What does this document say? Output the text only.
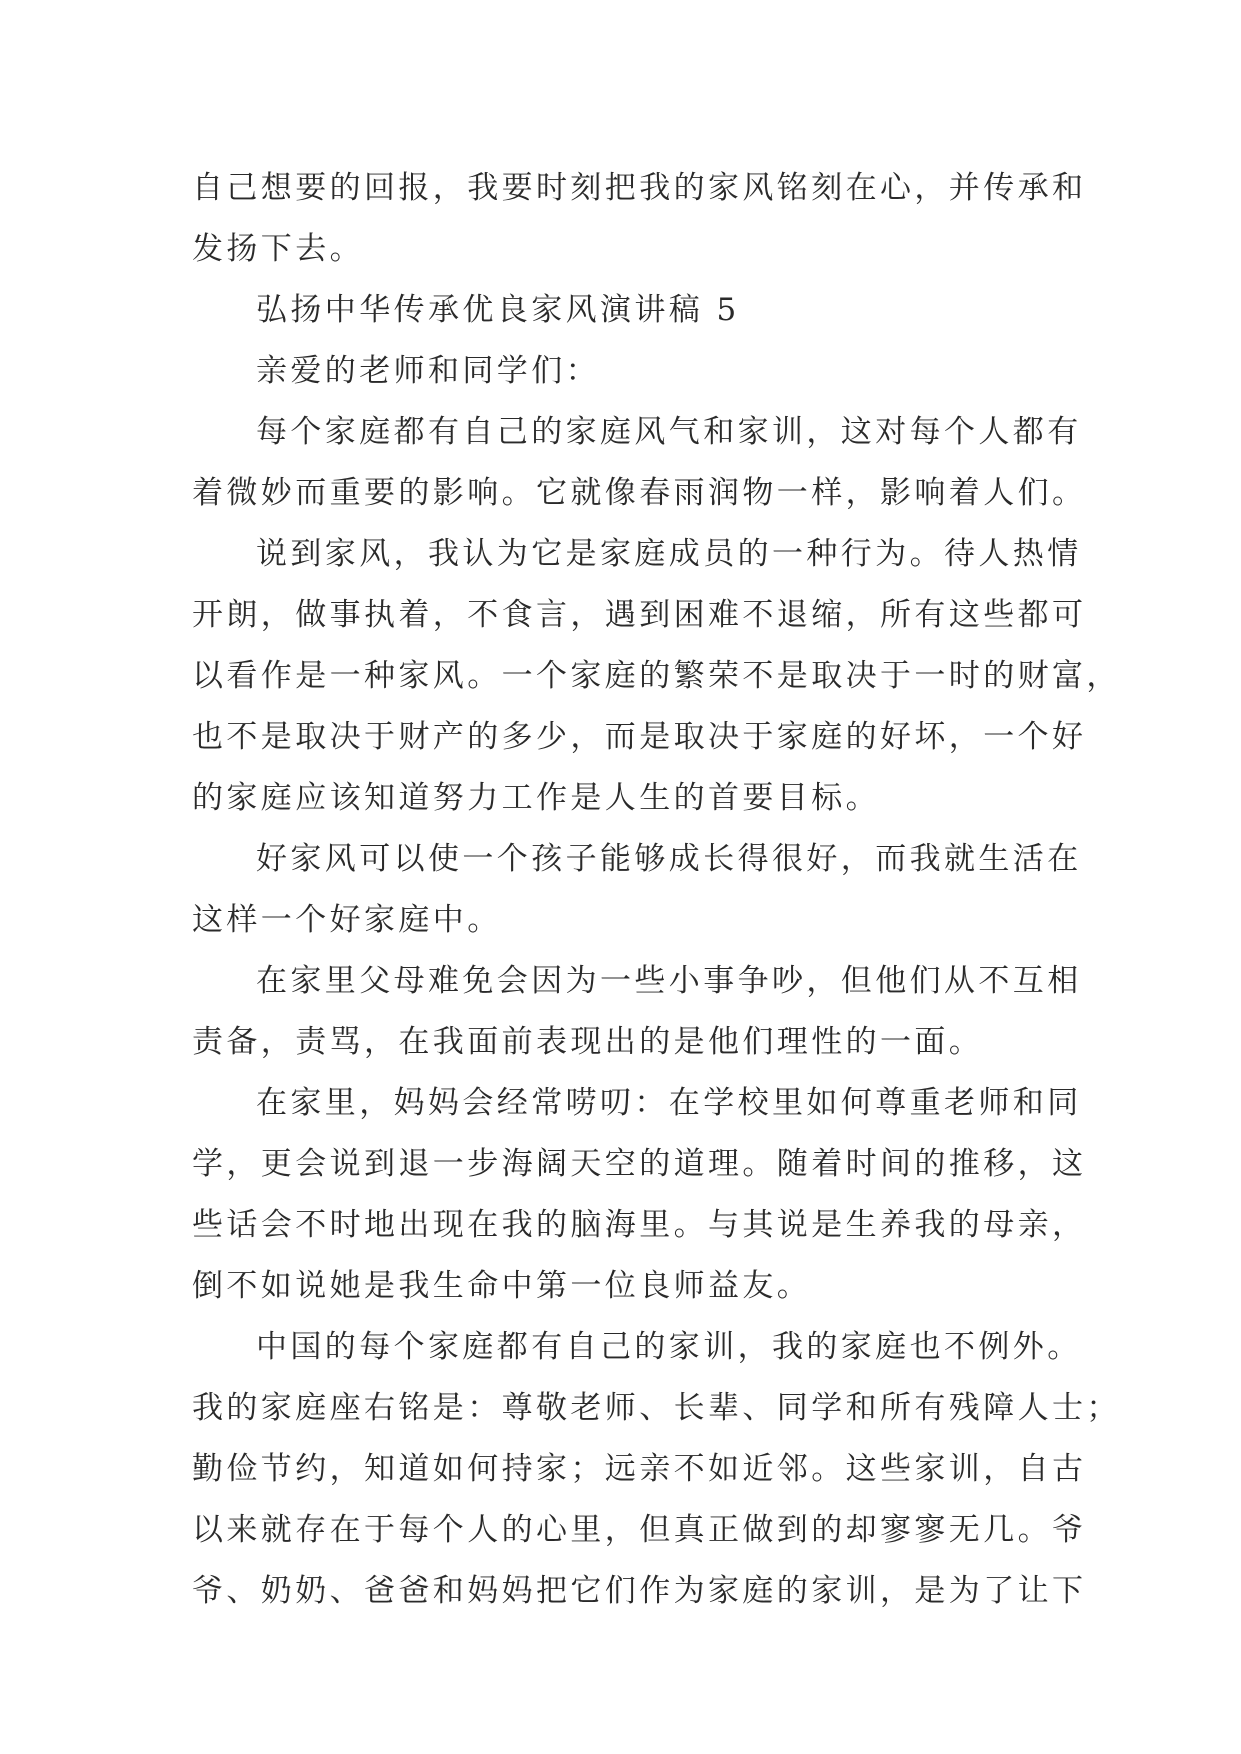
自己想要的回报，我要时刻把我的家风铭刻在心，并传承和
发扬下去。
弘扬中华传承优良家风演讲稿 5
亲爱的老师和同学们：
每个家庭都有自己的家庭风气和家训，这对每个人都有
着微妙而重要的影响。它就像春雨润物一样，影响着人们。
说到家风，我认为它是家庭成员的一种行为。待人热情
开朗，做事执着，不食言，遇到困难不退缩，所有这些都可
以看作是一种家风。一个家庭的繁荣不是取决于一时的财富，
也不是取决于财产的多少，而是取决于家庭的好坏，一个好
的家庭应该知道努力工作是人生的首要目标。
好家风可以使一个孩子能够成长得很好，而我就生活在
这样一个好家庭中。
在家里父母难免会因为一些小事争吵，但他们从不互相
责备，责骂，在我面前表现出的是他们理性的一面。
在家里，妈妈会经常唠叨：在学校里如何尊重老师和同
学，更会说到退一步海阔天空的道理。随着时间的推移，这
些话会不时地出现在我的脑海里。与其说是生养我的母亲，
倒不如说她是我生命中第一位良师益友。
中国的每个家庭都有自己的家训，我的家庭也不例外。
我的家庭座右铭是：尊敬老师、长辈、同学和所有残障人士；
勤俭节约，知道如何持家；远亲不如近邻。这些家训，自古
以来就存在于每个人的心里，但真正做到的却寥寥无几。爷
爷、奶奶、爸爸和妈妈把它们作为家庭的家训，是为了让下
